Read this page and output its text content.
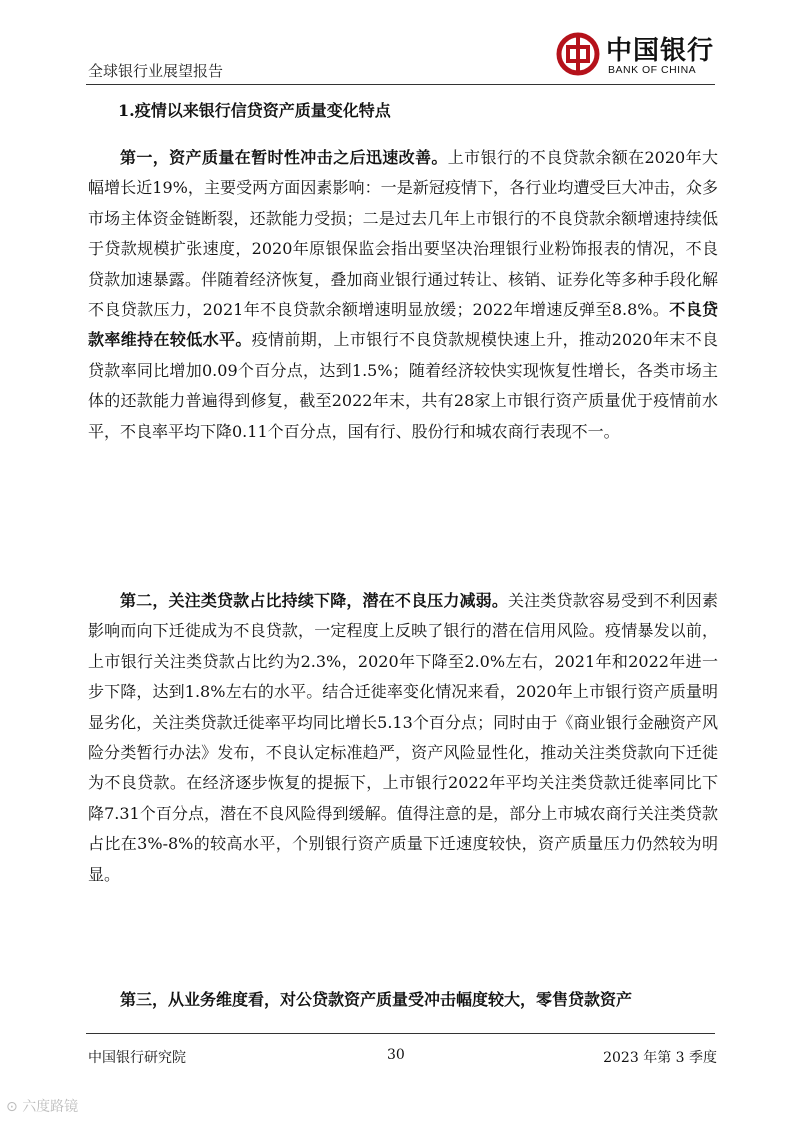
全球银行业展望报告
中国银行
BANK OF CHINA
1.疫情以来银行信贷资产质量变化特点

第一，资产质量在暂时性冲击之后迅速改善。上市银行的不良贷款余额在2020年大幅增长近19%，主要受两方面因素影响：一是新冠疫情下，各行业均遭受巨大冲击，众多市场主体资金链断裂，还款能力受损；二是过去几年上市银行的不良贷款余额增速持续低于贷款规模扩张速度，2020年原银保监会指出要坚决治理银行业粉饰报表的情况，不良贷款加速暴露。伴随着经济恢复，叠加商业银行通过转让、核销、证券化等多种手段化解不良贷款压力，2021年不良贷款余额增速明显放缓；2022年增速反弹至8.8%。不良贷款率维持在较低水平。疫情前期，上市银行不良贷款规模快速上升，推动2020年末不良贷款率同比增加0.09个百分点，达到1.5%；随着经济较快实现恢复性增长，各类市场主体的还款能力普遍得到修复，截至2022年末，共有28家上市银行资产质量优于疫情前水平，不良率平均下降0.11个百分点，国有行、股份行和城农商行表现不一。

第二，关注类贷款占比持续下降，潜在不良压力减弱。关注类贷款容易受到不利因素影响而向下迁徙成为不良贷款，一定程度上反映了银行的潜在信用风险。疫情暴发以前，上市银行关注类贷款占比约为2.3%，2020年下降至2.0%左右，2021年和2022年进一步下降，达到1.8%左右的水平。结合迁徙率变化情况来看，2020年上市银行资产质量明显劣化，关注类贷款迁徙率平均同比增长5.13个百分点；同时由于《商业银行金融资产风险分类暂行办法》发布，不良认定标准趋严，资产风险显性化，推动关注类贷款向下迁徙为不良贷款。在经济逐步恢复的提振下，上市银行2022年平均关注类贷款迁徙率同比下降7.31个百分点，潜在不良风险得到缓解。值得注意的是，部分上市城农商行关注类贷款占比在3%-8%的较高水平，个别银行资产质量下迁速度较快，资产质量压力仍然较为明显。

第三，从业务维度看，对公贷款资产质量受冲击幅度较大，零售贷款资产

中国银行研究院	30	2023 年第 3 季度
⊙ 六度路镜
